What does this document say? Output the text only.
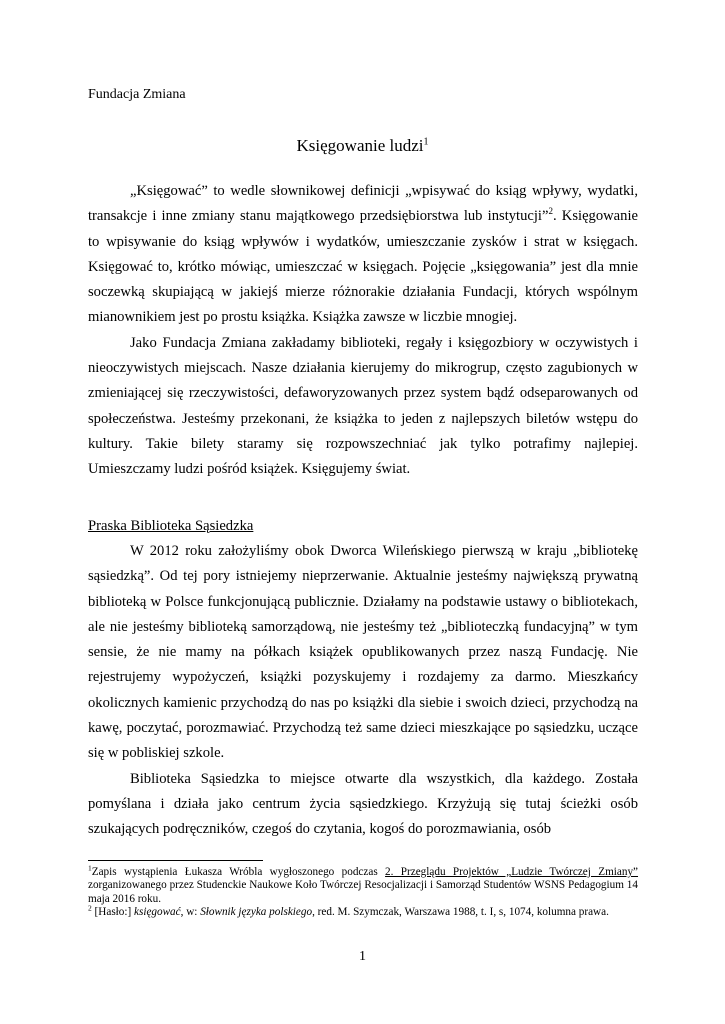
Fundacja Zmiana
Księgowanie ludzi$^1$

„Księgować” to wedle słownikowej definicji „wpisywać do ksiąg wpływy, wydatki, transakcje i inne zmiany stanu majątkowego przedsiębiorstwa lub instytucji”$^2$. Księgowanie to wpisywanie do ksiąg wpływów i wydatków, umieszczanie zysków i strat w księgach. Księgować to, krótko mówiąc, umieszczać w księgach. Pojęcie „księgowania” jest dla mnie soczewką skupiającą w jakiejś mierze różnorakie działania Fundacji, których wspólnym mianownikiem jest po prostu książka. Książka zawsze w liczbie mnogiej.

Jako Fundacja Zmiana zakładamy biblioteki, regały i księgozbiory w oczywistych i nieoczywistych miejscach. Nasze działania kierujemy do mikrogrup, często zagubionych w zmieniającej się rzeczywistości, defaworyzowanych przez system bądź odseparowanych od społeczeństwa. Jesteśmy przekonani, że książka to jeden z najlepszych biletów wstępu do kultury. Takie bilety staramy się rozpowszechniać jak tylko potrafimy najlepiej. Umieszczamy ludzi pośród książek. Księgujemy świat.

Praska Biblioteka Sąsiedzka

W 2012 roku założyliśmy obok Dworca Wileńskiego pierwszą w kraju „bibliotekę sąsiedzką”. Od tej pory istniejemy nieprzerwanie. Aktualnie jesteśmy największą prywatną biblioteką w Polsce funkcjonującą publicznie. Działamy na podstawie ustawy o bibliotekach, ale nie jesteśmy biblioteką samorządową, nie jesteśmy też „biblioteczką fundacyjną” w tym sensie, że nie mamy na półkach książek opublikowanych przez naszą Fundację. Nie rejestrujemy wypożyczeń, książki pozyskujemy i rozdajemy za darmo. Mieszkańcy okolicznych kamienic przychodzą do nas po książki dla siebie i swoich dzieci, przychodzą na kawę, poczytać, porozmawiać. Przychodzą też same dzieci mieszkające po sąsiedzku, uczące się w pobliskiej szkole.

Biblioteka Sąsiedzka to miejsce otwarte dla wszystkich, dla każdego. Została pomyślana i działa jako centrum życia sąsiedzkiego. Krzyżują się tutaj ścieżki osób szukających podręczników, czegoś do czytania, kogoś do porozmawiania, osób

$^1$Zapis wystąpienia Łukasza Wróbla wygłoszonego podczas 2. Przeglądu Projektów „Ludzie Twórczej Zmiany” zorganizowanego przez Studenckie Naukowe Koło Twórczej Resocjalizacji i Samorząd Studentów WSNS Pedagogium 14 maja 2016 roku.

$^2$ [Hasło:] księgować, w: Słownik języka polskiego, red. M. Szymczak, Warszawa 1988, t. I, s, 1074, kolumna prawa.

1
